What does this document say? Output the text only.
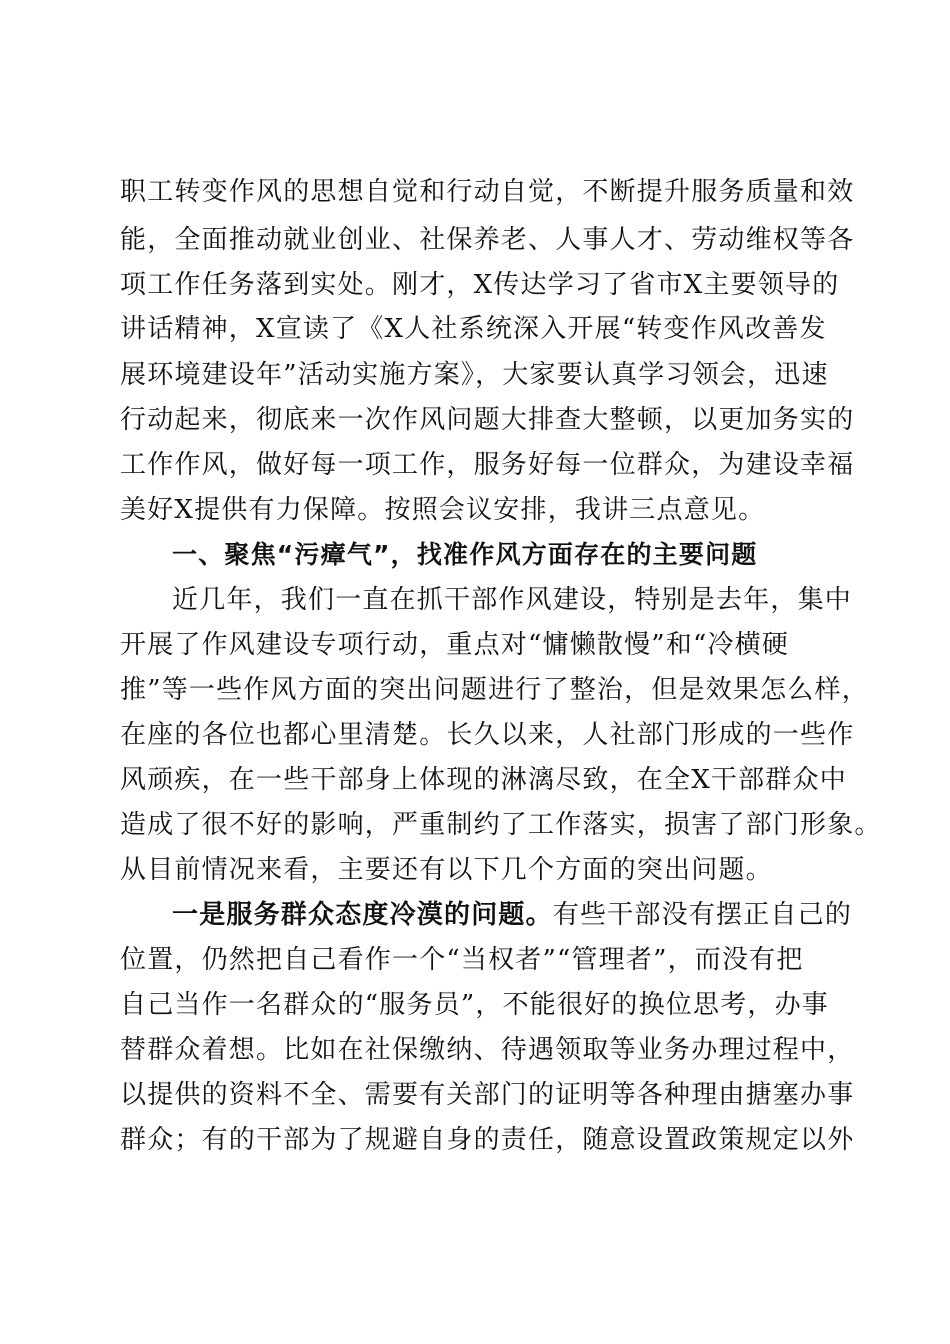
职工转变作风的思想自觉和行动自觉，不断提升服务质量和效
能，全面推动就业创业、社保养老、人事人才、劳动维权等各
项工作任务落到实处。刚才，X传达学习了省市X主要领导的
讲话精神，X宣读了《X人社系统深入开展“转变作风改善发
展环境建设年”活动实施方案》，大家要认真学习领会，迅速
行动起来，彻底来一次作风问题大排查大整顿，以更加务实的
工作作风，做好每一项工作，服务好每一位群众，为建设幸福
美好X提供有力保障。按照会议安排，我讲三点意见。
一、聚焦“污瘴气”，找准作风方面存在的主要问题
近几年，我们一直在抓干部作风建设，特别是去年，集中
开展了作风建设专项行动，重点对“慵懒散慢”和“冷横硬
推”等一些作风方面的突出问题进行了整治，但是效果怎么样，
在座的各位也都心里清楚。长久以来，人社部门形成的一些作
风顽疾，在一些干部身上体现的淋漓尽致，在全X干部群众中
造成了很不好的影响，严重制约了工作落实，损害了部门形象。
从目前情况来看，主要还有以下几个方面的突出问题。
一是服务群众态度冷漠的问题。有些干部没有摆正自己的
位置，仍然把自己看作一个“当权者”“管理者”，而没有把
自己当作一名群众的“服务员”，不能很好的换位思考，办事
替群众着想。比如在社保缴纳、待遇领取等业务办理过程中，
以提供的资料不全、需要有关部门的证明等各种理由搪塞办事
群众；有的干部为了规避自身的责任，随意设置政策规定以外
